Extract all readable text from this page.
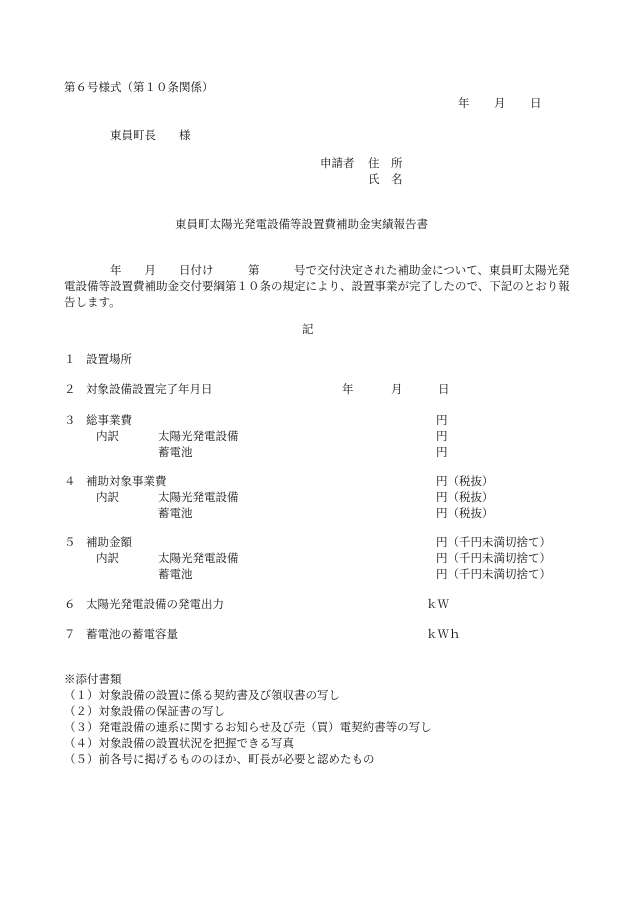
第６号様式（第１０条関係）
年 月 日
東員町長　　様
申請者 住　所
氏　名
東員町太陽光発電設備等設置費補助金実績報告書
　　　　年　　月　　日付け　　　第　　　号で交付決定された補助金について、東員町太陽光発電設備等設置費補助金交付要綱第１０条の規定により、設置事業が完了したので、下記のとおり報告します。
記
１ 設置場所
２ 対象設備設置完了年月日	年	月	日
３ 総事業費	円
内訳	太陽光発電設備	円
蓄電池	円
４ 補助対象事業費	円（税抜）
内訳	太陽光発電設備	円（税抜）
蓄電池	円（税抜）
５ 補助金額	円（千円未満切捨て）
内訳	太陽光発電設備	円（千円未満切捨て）
蓄電池	円（千円未満切捨て）
６ 太陽光発電設備の発電出力	ｋＷ
７ 蓄電池の蓄電容量	ｋＷｈ
※添付書類
（１）対象設備の設置に係る契約書及び領収書の写し
（２）対象設備の保証書の写し
（３）発電設備の連系に関するお知らせ及び売（買）電契約書等の写し
（４）対象設備の設置状況を把握できる写真
（５）前各号に掲げるもののほか、町長が必要と認めたもの
